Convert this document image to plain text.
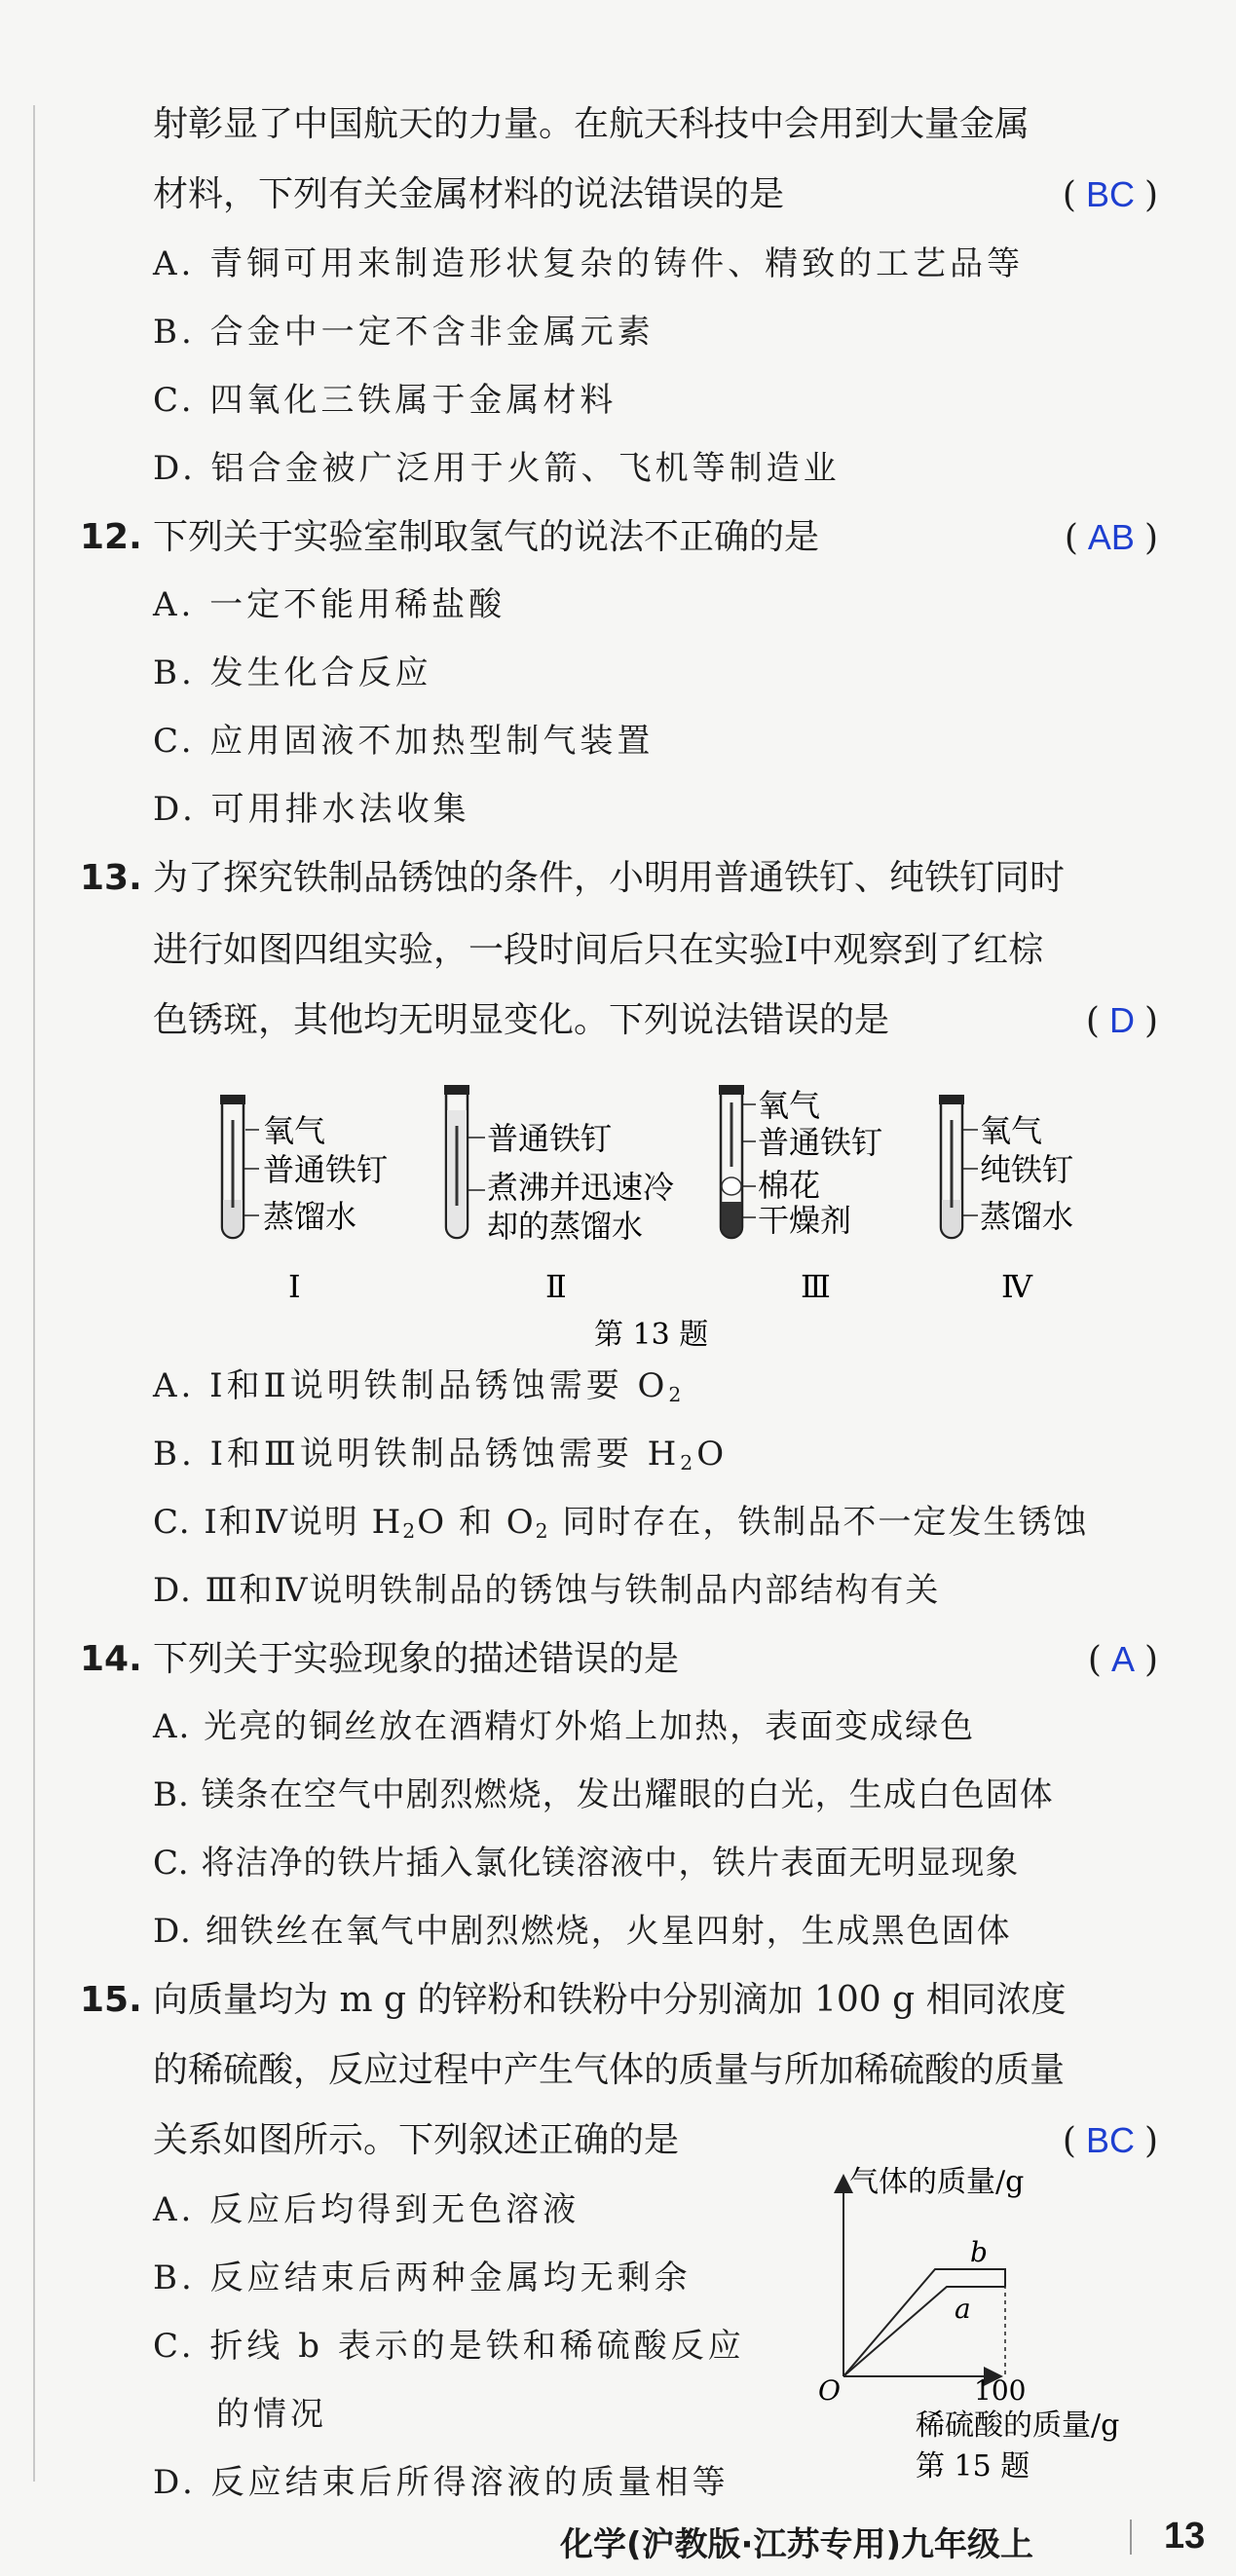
射彰显了中国航天的力量。在航天科技中会用到大量金属
材料，下列有关金属材料的说法错误的是	( BC )
A. 青铜可用来制造形状复杂的铸件、精致的工艺品等
B. 合金中一定不含非金属元素
C. 四氧化三铁属于金属材料
D. 铝合金被广泛用于火箭、飞机等制造业
12. 下列关于实验室制取氢气的说法不正确的是	( AB )
A. 一定不能用稀盐酸
B. 发生化合反应
C. 应用固液不加热型制气装置
D. 可用排水法收集
13. 为了探究铁制品锈蚀的条件，小明用普通铁钉、纯铁钉同时
进行如图四组实验，一段时间后只在实验Ⅰ中观察到了红棕
色锈斑，其他均无明显变化。下列说法错误的是	( D )
氧气
普通铁钉
蒸馏水
Ⅰ
普通铁钉
煮沸并迅速冷
却的蒸馏水
Ⅱ
氧气
普通铁钉
棉花
干燥剂
Ⅲ
氧气
纯铁钉
蒸馏水
Ⅳ
第 13 题
A. Ⅰ和Ⅱ说明铁制品锈蚀需要 $O_2$
B. Ⅰ和Ⅲ说明铁制品锈蚀需要 $H_2O$
C. Ⅰ和Ⅳ说明 $H_2O$ 和 $O_2$ 同时存在，铁制品不一定发生锈蚀
D. Ⅲ和Ⅳ说明铁制品的锈蚀与铁制品内部结构有关
14. 下列关于实验现象的描述错误的是	( A )
A. 光亮的铜丝放在酒精灯外焰上加热，表面变成绿色
B. 镁条在空气中剧烈燃烧，发出耀眼的白光，生成白色固体
C. 将洁净的铁片插入氯化镁溶液中，铁片表面无明显现象
D. 细铁丝在氧气中剧烈燃烧，火星四射，生成黑色固体
15. 向质量均为 m g 的锌粉和铁粉中分别滴加 100 g 相同浓度
的稀硫酸，反应过程中产生气体的质量与所加稀硫酸的质量
关系如图所示。下列叙述正确的是	( BC )
A. 反应后均得到无色溶液
B. 反应结束后两种金属均无剩余
C. 折线 b 表示的是铁和稀硫酸反应
的情况
D. 反应结束后所得溶液的质量相等
气体的质量/g
O
b
a
100
稀硫酸的质量/g
第 15 题
化学(沪教版·江苏专用)九年级上	13
